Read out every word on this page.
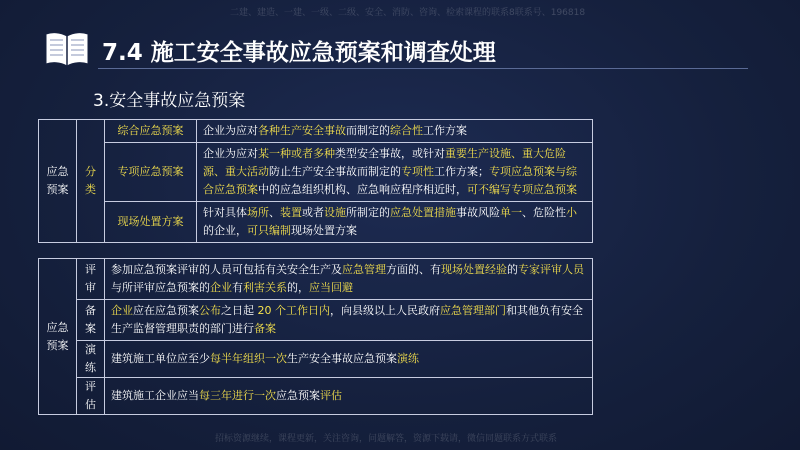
二建、建造、一建、一级、二级、安全、消防、咨询、检索课程的联系8联系号、196818
7.4 施工安全事故应急预案和调查处理
3.安全事故应急预案
应急预案	分类	综合应急预案	企业为应对各种生产安全事故而制定的综合性工作方案
		专项应急预案	企业为应对某一种或者多种类型安全事故，或针对重要生产设施、重大危险源、重大活动防止生产安全事故而制定的专项性工作方案；专项应急预案与综合应急预案中的应急组织机构、应急响应程序相近时，可不编写专项应急预案
		现场处置方案	针对具体场所、装置或者设施所制定的应急处置措施事故风险单一、危险性小的企业，可只编制现场处置方案
应急预案	评审	参加应急预案评审的人员可包括有关安全生产及应急管理方面的、有现场处置经验的专家评审人员与所评审应急预案的企业有利害关系的，应当回避
	备案	企业应在应急预案公布之日起 20 个工作日内，向县级以上人民政府应急管理部门和其他负有安全生产监督管理职责的部门进行备案
	演练	建筑施工单位应至少每半年组织一次生产安全事故应急预案演练
	评估	建筑施工企业应当每三年进行一次应急预案评估
招标资源继续，课程更新，关注咨询，问题解答，资源下载请，微信同题联系方式联系
